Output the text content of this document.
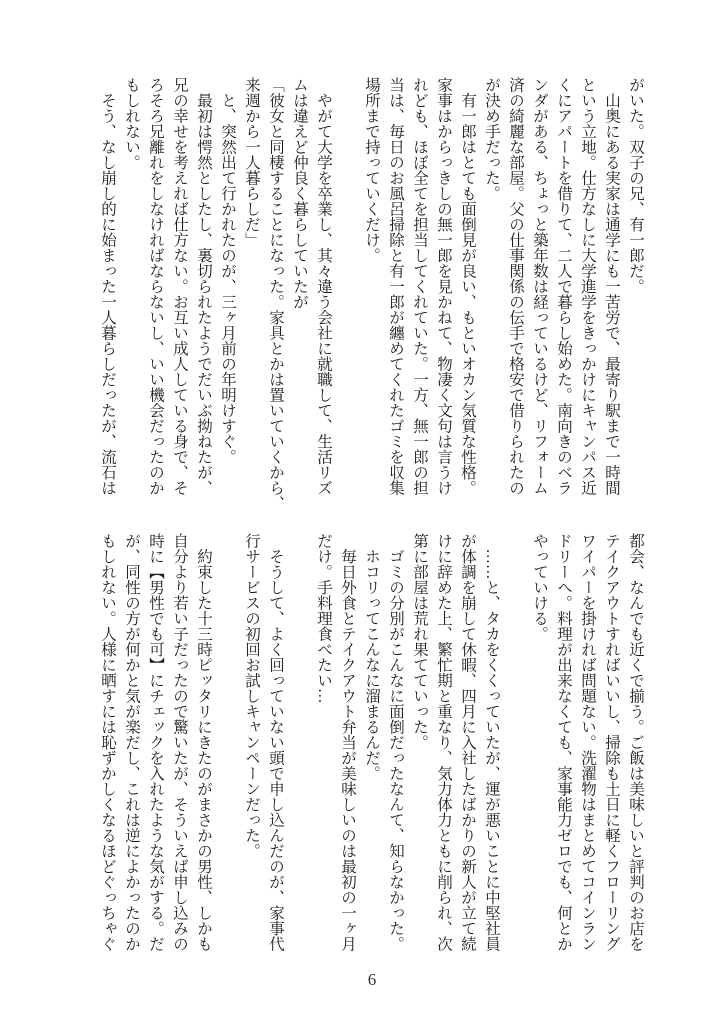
がいた。双子の兄、有一郎だ。
　山奥にある実家は通学にも一苦労で、最寄り駅まで一時間
という立地。仕方なしに大学進学をきっかけにキャンパス近
くにアパートを借りて、二人で暮らし始めた。南向きのベラ
ンダがある、ちょっと築年数は経っているけど、リフォーム
済の綺麗な部屋。父の仕事関係の伝手で格安で借りられたの
が決め手だった。
　有一郎はとても面倒見が良い、もといオカン気質な性格。
家事はからっきしの無一郎を見かねて、物凄く文句は言うけ
れども、ほぼ全てを担当してくれていた。一方、無一郎の担
当は、毎日のお風呂掃除と有一郎が纏めてくれたゴミを収集
場所まで持っていくだけ。
　やがて大学を卒業し、其々違う会社に就職して、生活リズ
ムは違えど仲良く暮らしていたが
「彼女と同棲することになった。家具とかは置いていくから、
来週から一人暮らしだ」
　と、突然出て行かれたのが、三ヶ月前の年明けすぐ。
　最初は愕然としたし、裏切られたようでだいぶ拗ねたが、
兄の幸せを考えれば仕方ない。お互い成人している身で、そ
ろそろ兄離れをしなければならないし、いい機会だったのか
もしれない。
　そう、なし崩し的に始まった一人暮らしだったが、流石は
都会、なんでも近くで揃う。ご飯は美味しいと評判のお店を
テイクアウトすればいいし、掃除も土日に軽くフローリング
ワイパーを掛ければ問題ない。洗濯物はまとめてコインラン
ドリーへ。料理が出来なくても、家事能力ゼロでも、何とか
やっていける。
　……と、タカをくくっていたが、運が悪いことに中堅社員
が体調を崩して休暇、四月に入社したばかりの新人が立て続
けに辞めた上、繁忙期と重なり、気力体力ともに削られ、次
第に部屋は荒れ果てていった。
　ゴミの分別がこんなに面倒だったなんて、知らなかった。
　ホコリってこんなに溜まるんだ。
　毎日外食とテイクアウト弁当が美味しいのは最初の一ヶ月
だけ。手料理食べたい…
　そうして、よく回っていない頭で申し込んだのが、家事代
行サービスの初回お試しキャンペーンだった。
　約束した十三時ピッタリにきたのがまさかの男性、しかも
自分より若い子だったので驚いたが、そういえば申し込みの
時に【男性でも可】にチェックを入れたような気がする。だ
が、同性の方が何かと気が楽だし、これは逆によかったのか
もしれない。人様に晒すには恥ずかしくなるほどぐっちゃぐ
6
